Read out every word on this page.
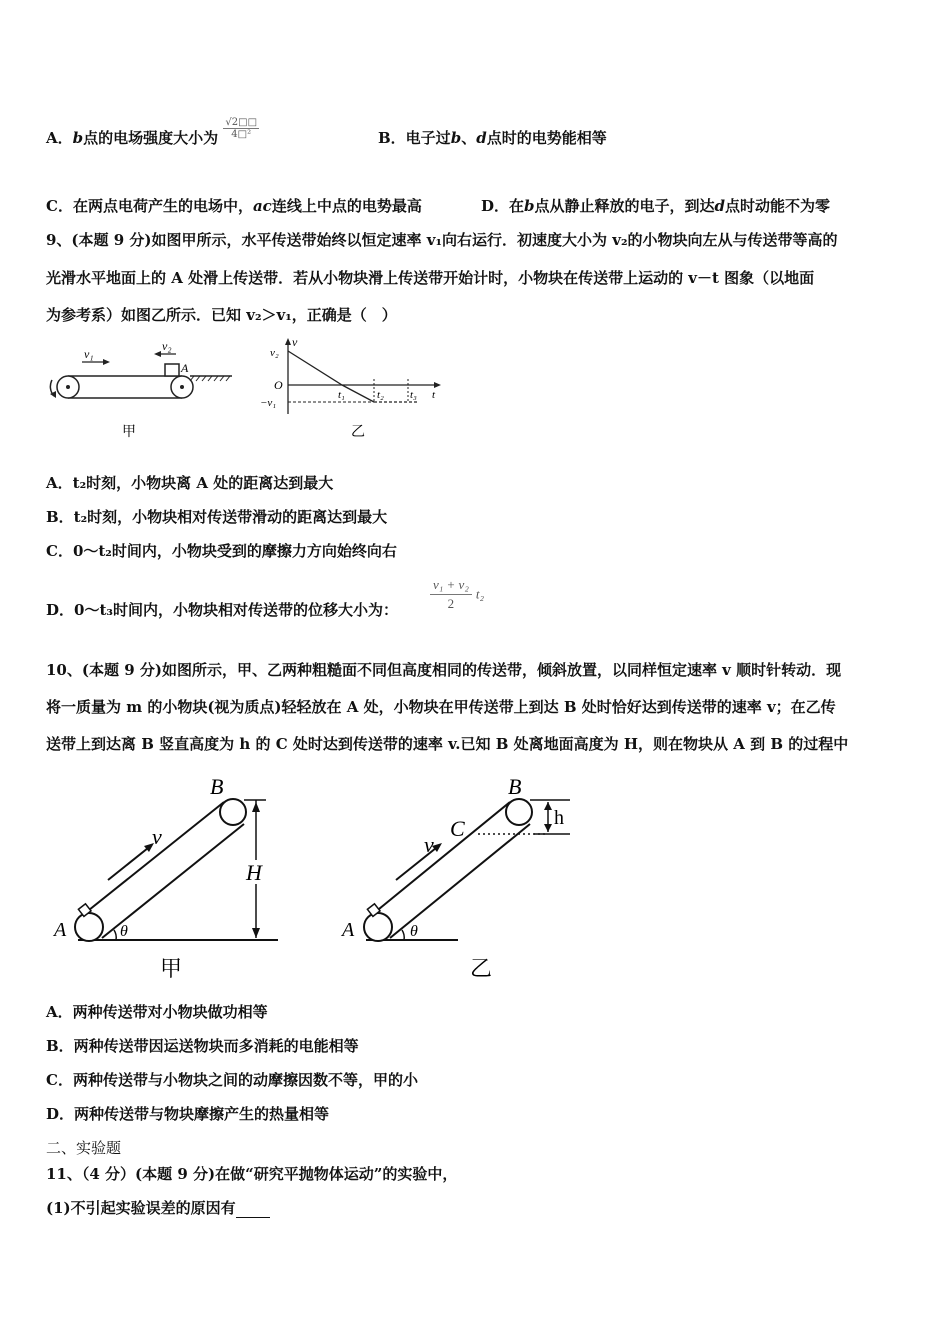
A．b点的电场强度大小为 $\frac{√2□□}{\text{4□²}}$	B．电子过b、d点时的电势能相等
C．在两点电荷产生的电场中，ac连线上中点的电势最高	D．在b点从静止释放的电子，到达d点时动能不为零
9、(本题 9 分)如图甲所示，水平传送带始终以恒定速率 v₁向右运行．初速度大小为 v₂的小物块向左从与传送带等高的
光滑水平地面上的 A 处滑上传送带．若从小物块滑上传送带开始计时，小物块在传送带上运动的 v－t 图象（以地面
为参考系）如图乙所示．已知 v₂＞v₁，正确是（　）
v₁
v₂
A
甲
v
v₂
O
−v₁
t₁	t₂ t₃ t
乙
A．t₂时刻，小物块离 A 处的距离达到最大
B．t₂时刻，小物块相对传送带滑动的距离达到最大
C．0～t₂时间内，小物块受到的摩擦力方向始终向右
D．0～t₃时间内，小物块相对传送带的位移大小为： $\frac{\text{v₁ + v₂}}{2} t_2$
10、(本题 9 分)如图所示，甲、乙两种粗糙面不同但高度相同的传送带，倾斜放置，以同样恒定速率 v 顺时针转动．现
将一质量为 m 的小物块(视为质点)轻轻放在 A 处，小物块在甲传送带上到达 B 处时恰好达到传送带的速率 v；在乙传
送带上到达离 B 竖直高度为 h 的 C 处时达到传送带的速率 v.已知 B 处离地面高度为 H，则在物块从 A 到 B 的过程中
v
H
B
A	θ
甲
v
C	h
B
A	θ
乙
A．两种传送带对小物块做功相等
B．两种传送带因运送物块而多消耗的电能相等
C．两种传送带与小物块之间的动摩擦因数不等，甲的小
D．两种传送带与物块摩擦产生的热量相等
二、实验题
11、（4 分）(本题 9 分)在做“研究平抛物体运动”的实验中，
(1)不引起实验误差的原因有
